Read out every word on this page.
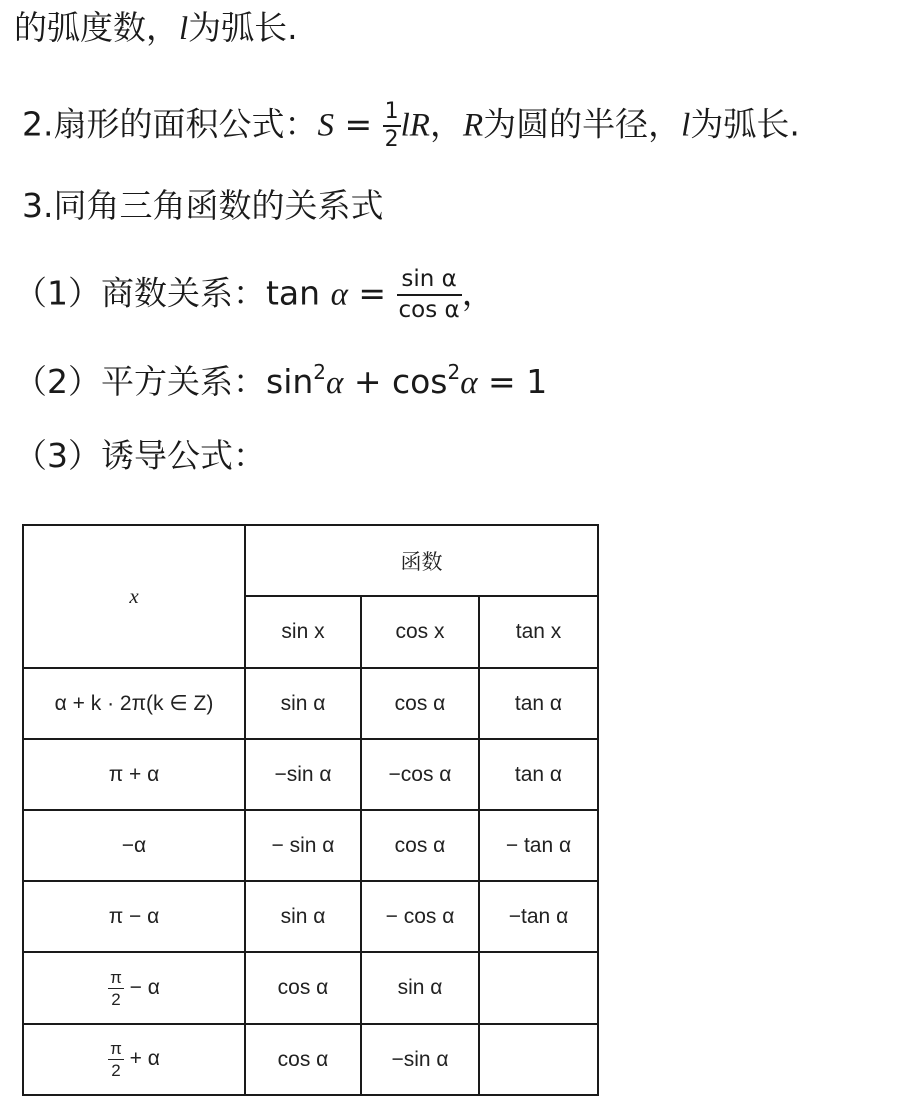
的弧度数，l为弧长.
2.扇形的面积公式：$S = \frac{1}{2}$ lR，R为圆的半径，l为弧长.
3.同角三角函数的关系式
（1）商数关系：$\tan \alpha = \frac{\text{sin α}}{\text{cos α}}$ ，
（2）平方关系：$\sin^2\alpha + \cos^2\alpha = 1$
（3）诱导公式：
x	函数		
	sin x	cos x	tan x
α + k · 2π(k ∈ Z)	sin α	cos α	tan α
π + α	−sin α	−cos α	tan α
−α	− sin α	cos α	− tan α
π − α	sin α	− cos α	−tan α

$\frac{\pi}{2} - \alpha$	cos α	sin α	

$\frac{\pi}{2} + \alpha$	cos α	−sin α	
